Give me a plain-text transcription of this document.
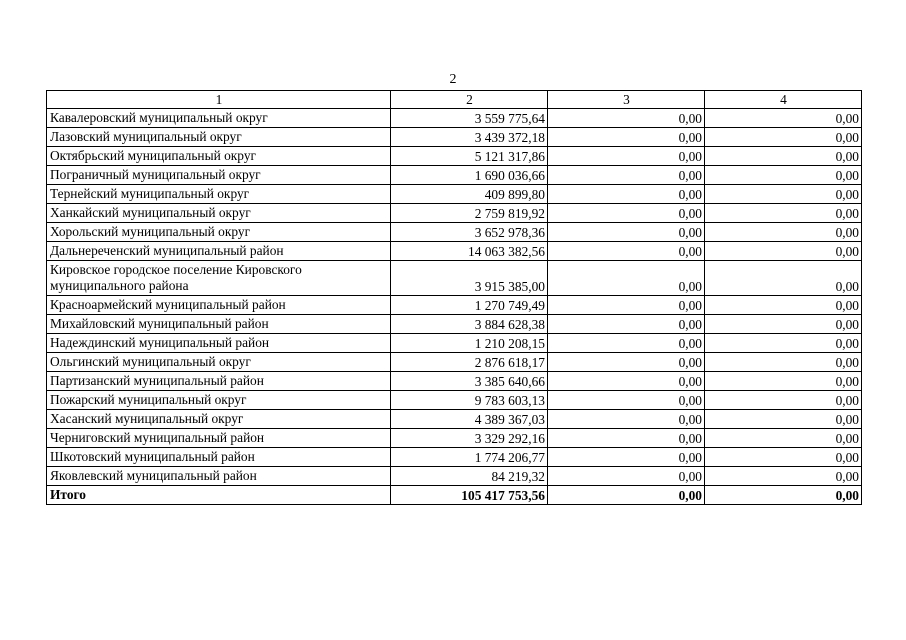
2
1	2	3	4
Кавалеровский муниципальный округ	3 559 775,64	0,00	0,00
Лазовский муниципальный округ	3 439 372,18	0,00	0,00
Октябрьский муниципальный округ	5 121 317,86	0,00	0,00
Пограничный муниципальный округ	1 690 036,66	0,00	0,00
Тернейский муниципальный округ	409 899,80	0,00	0,00
Ханкайский муниципальный округ	2 759 819,92	0,00	0,00
Хорольский муниципальный округ	3 652 978,36	0,00	0,00
Дальнереченский муниципальный район	14 063 382,56	0,00	0,00
Кировское городское поселение Кировского муниципального района	3 915 385,00	0,00	0,00
Красноармейский муниципальный район	1 270 749,49	0,00	0,00
Михайловский муниципальный район	3 884 628,38	0,00	0,00
Надеждинский муниципальный район	1 210 208,15	0,00	0,00
Ольгинский муниципальный округ	2 876 618,17	0,00	0,00
Партизанский муниципальный район	3 385 640,66	0,00	0,00
Пожарский муниципальный округ	9 783 603,13	0,00	0,00
Хасанский муниципальный округ	4 389 367,03	0,00	0,00
Черниговский муниципальный район	3 329 292,16	0,00	0,00
Шкотовский муниципальный район	1 774 206,77	0,00	0,00
Яковлевский муниципальный район	84 219,32	0,00	0,00
Итого	105 417 753,56	0,00	0,00
